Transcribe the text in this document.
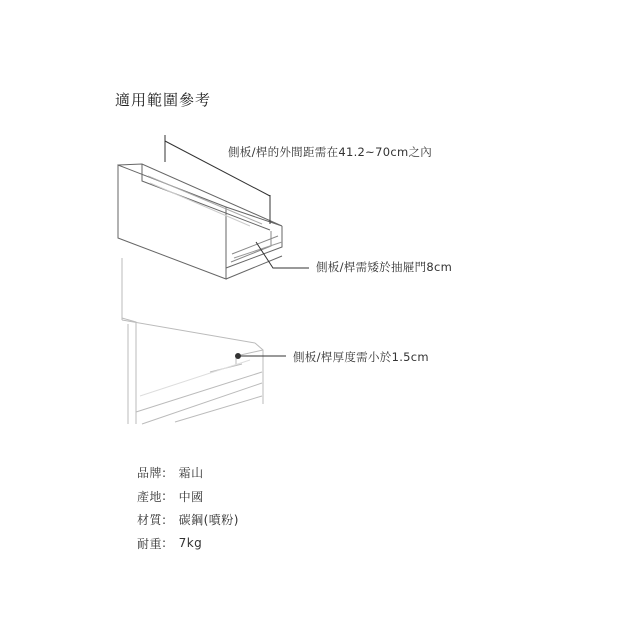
適用範圍參考
側板/桿的外間距需在41.2~70cm之內
側板/桿需矮於抽屜門8cm
側板/桿厚度需小於1.5cm
品牌 : 霜山
產地 : 中國
材質 : 碳鋼(噴粉)
耐重 : 7kg
